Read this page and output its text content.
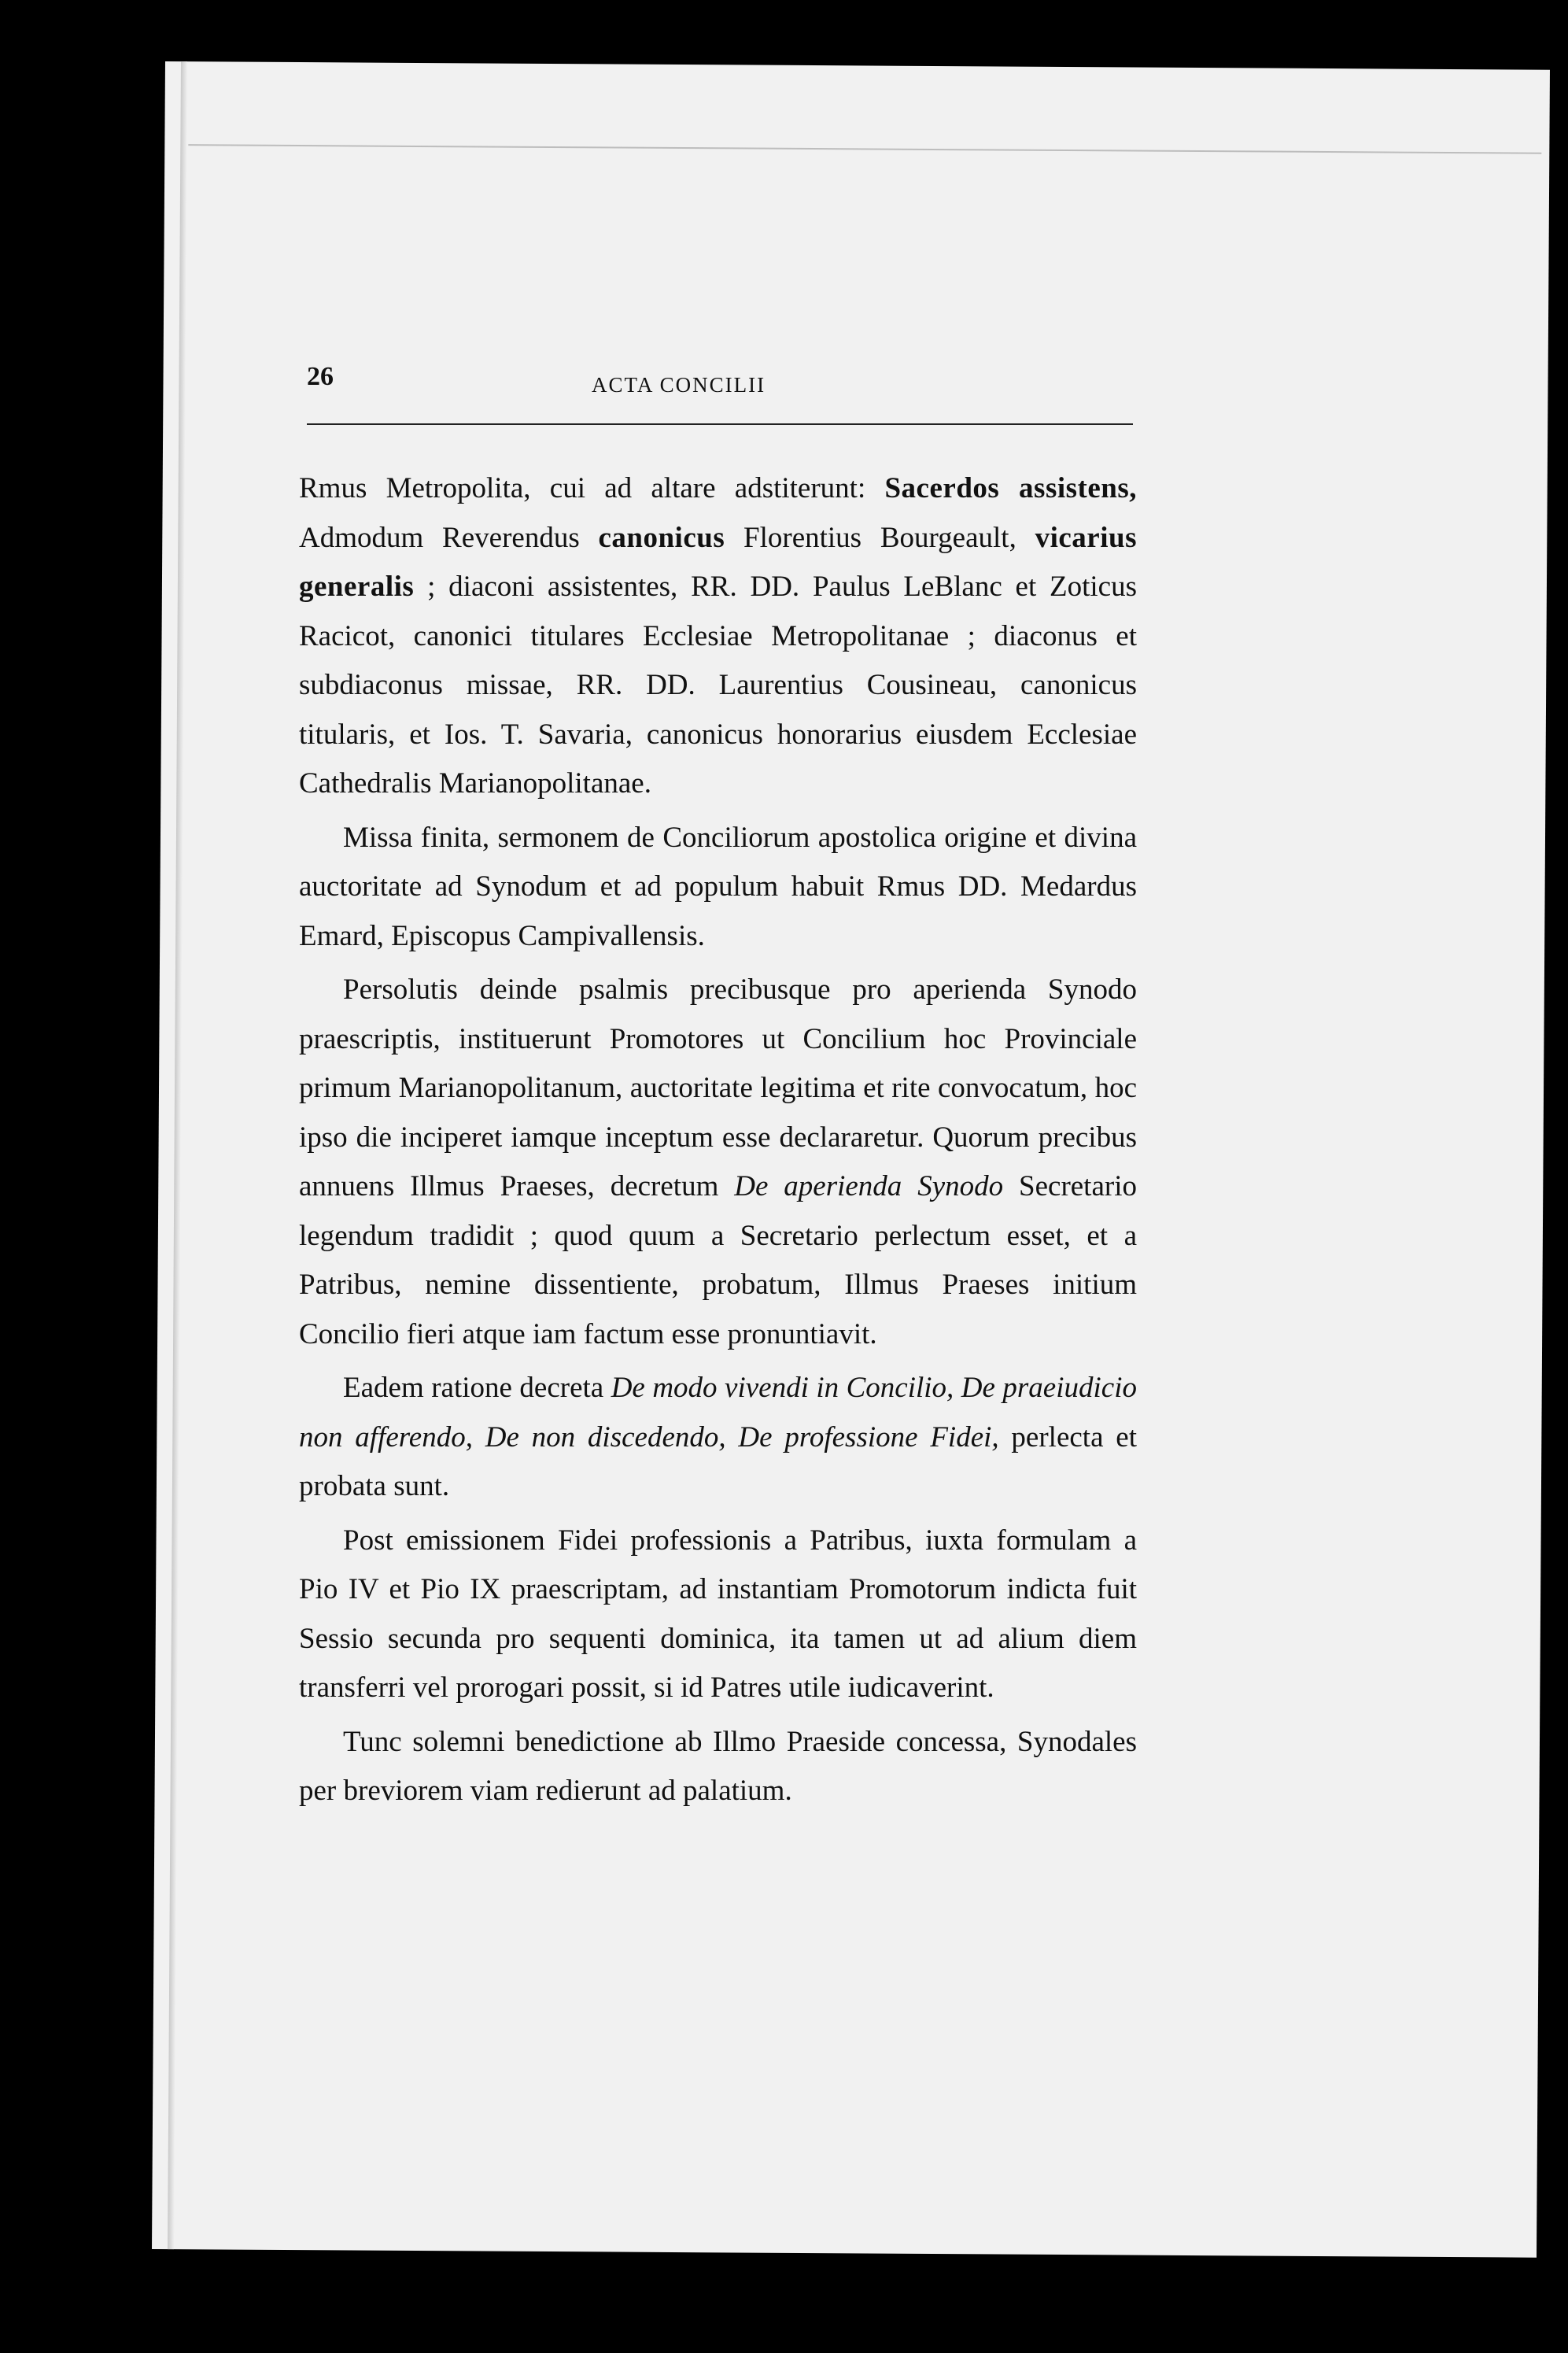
26	ACTA CONCILII

Rmus Metropolita, cui ad altare adstiterunt: Sacerdos assistens, Admodum Reverendus canonicus Florentius Bourgeault, vicarius generalis ; diaconi assistentes, RR. DD. Paulus LeBlanc et Zoticus Racicot, canonici titulares Ecclesiae Metropolitanae ; diaconus et subdiaconus missae, RR. DD. Laurentius Cousineau, canonicus titularis, et Ios. T. Savaria, canonicus honorarius eiusdem Ecclesiae Cathedralis Marianopolitanae.

Missa finita, sermonem de Conciliorum apostolica origine et divina auctoritate ad Synodum et ad populum habuit Rmus DD. Medardus Emard, Episcopus Campivallensis.

Persolutis deinde psalmis precibusque pro aperienda Synodo praescriptis, instituerunt Promotores ut Concilium hoc Provinciale primum Marianopolitanum, auctoritate legitima et rite convocatum, hoc ipso die inciperet iamque inceptum esse declararetur. Quorum precibus annuens Illmus Praeses, decretum De aperienda Synodo Secretario legendum tradidit ; quod quum a Secretario perlectum esset, et a Patribus, nemine dissentiente, probatum, Illmus Praeses initium Concilio fieri atque iam factum esse pronuntiavit.

Eadem ratione decreta De modo vivendi in Concilio, De praeiudicio non afferendo, De non discedendo, De professione Fidei, perlecta et probata sunt.

Post emissionem Fidei professionis a Patribus, iuxta formulam a Pio IV et Pio IX praescriptam, ad instantiam Promotorum indicta fuit Sessio secunda pro sequenti dominica, ita tamen ut ad alium diem transferri vel prorogari possit, si id Patres utile iudicaverint.

Tunc solemni benedictione ab Illmo Praeside concessa, Synodales per breviorem viam redierunt ad palatium.
